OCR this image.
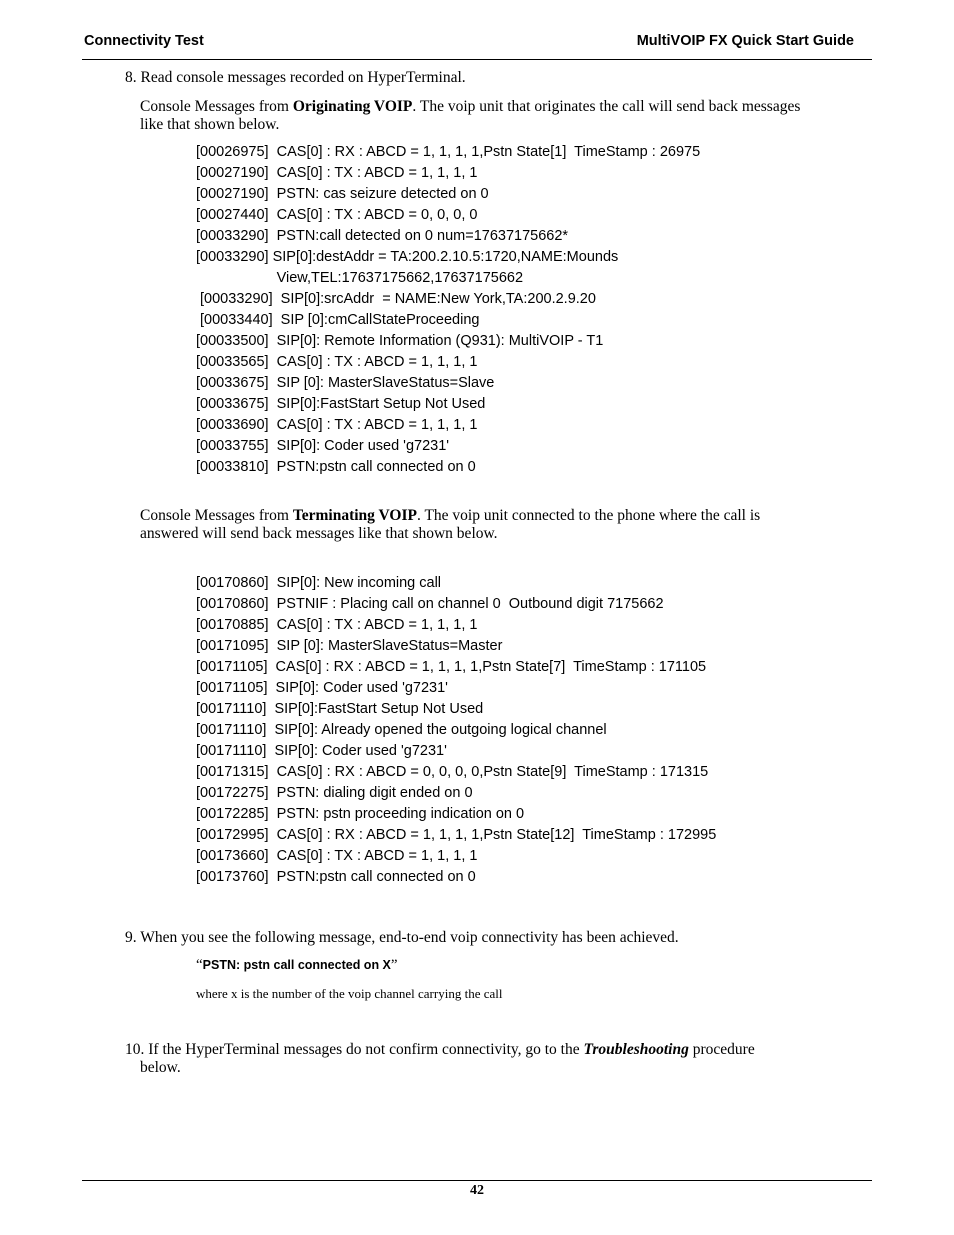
Connectivity Test	MultiVOIP FX Quick Start Guide
8. Read console messages recorded on HyperTerminal.
Console Messages from Originating VOIP. The voip unit that originates the call will send back messages
like that shown below.
[00026975]  CAS[0] : RX : ABCD = 1, 1, 1, 1,Pstn State[1]  TimeStamp : 26975
[00027190]  CAS[0] : TX : ABCD = 1, 1, 1, 1
[00027190]  PSTN: cas seizure detected on 0
[00027440]  CAS[0] : TX : ABCD = 0, 0, 0, 0
[00033290]  PSTN:call detected on 0 num=17637175662*
[00033290] SIP[0]:destAddr = TA:200.2.10.5:1720,NAME:Mounds
View,TEL:17637175662,17637175662
[00033290]  SIP[0]:srcAddr  = NAME:New York,TA:200.2.9.20
[00033440]  SIP [0]:cmCallStateProceeding
[00033500]  SIP[0]: Remote Information (Q931): MultiVOIP - T1
[00033565]  CAS[0] : TX : ABCD = 1, 1, 1, 1
[00033675]  SIP [0]: MasterSlaveStatus=Slave
[00033675]  SIP[0]:FastStart Setup Not Used
[00033690]  CAS[0] : TX : ABCD = 1, 1, 1, 1
[00033755]  SIP[0]: Coder used 'g7231'
[00033810]  PSTN:pstn call connected on 0
Console Messages from Terminating VOIP. The voip unit connected to the phone where the call is
answered will send back messages like that shown below.
[00170860]  SIP[0]: New incoming call
[00170860]  PSTNIF : Placing call on channel 0  Outbound digit 7175662
[00170885]  CAS[0] : TX : ABCD = 1, 1, 1, 1
[00171095]  SIP [0]: MasterSlaveStatus=Master
[00171105]  CAS[0] : RX : ABCD = 1, 1, 1, 1,Pstn State[7]  TimeStamp : 171105
[00171105]  SIP[0]: Coder used 'g7231'
[00171110]  SIP[0]:FastStart Setup Not Used
[00171110]  SIP[0]: Already opened the outgoing logical channel
[00171110]  SIP[0]: Coder used 'g7231'
[00171315]  CAS[0] : RX : ABCD = 0, 0, 0, 0,Pstn State[9]  TimeStamp : 171315
[00172275]  PSTN: dialing digit ended on 0
[00172285]  PSTN: pstn proceeding indication on 0
[00172995]  CAS[0] : RX : ABCD = 1, 1, 1, 1,Pstn State[12]  TimeStamp : 172995
[00173660]  CAS[0] : TX : ABCD = 1, 1, 1, 1
[00173760]  PSTN:pstn call connected on 0
9. When you see the following message, end-to-end voip connectivity has been achieved.
“PSTN: pstn call connected on X”
where x is the number of the voip channel carrying the call
10. If the HyperTerminal messages do not confirm connectivity, go to the Troubleshooting procedure
below.
42
